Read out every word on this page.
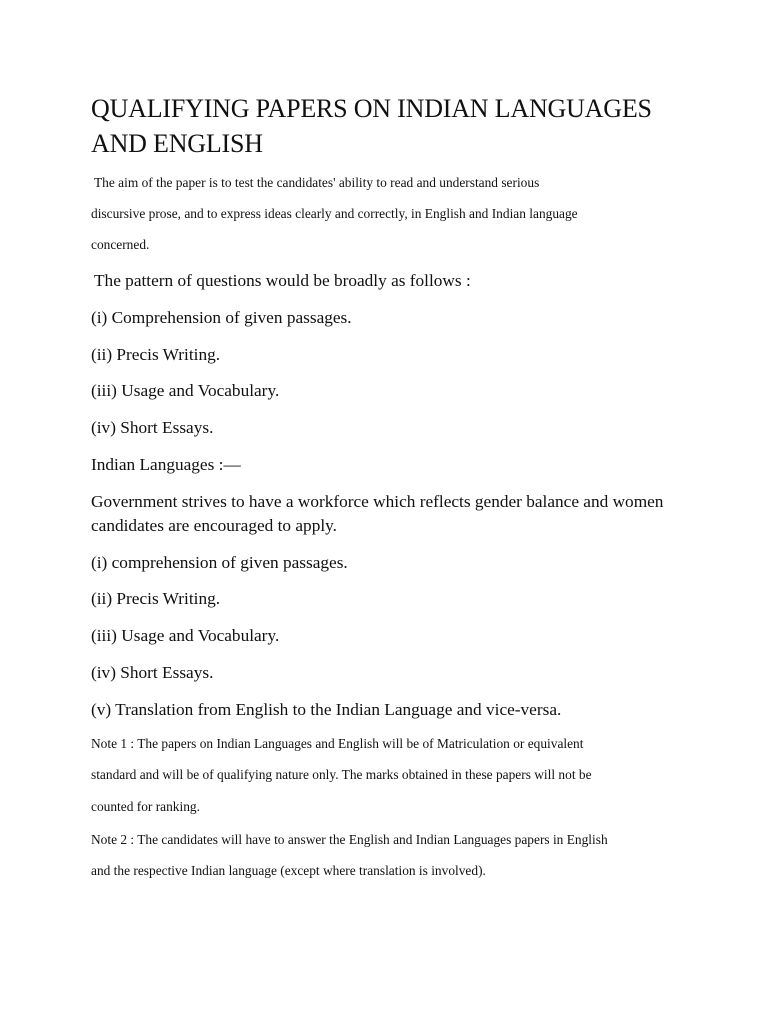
QUALIFYING PAPERS ON INDIAN LANGUAGES

AND ENGLISH

The aim of the paper is to test the candidates' ability to read and understand serious

discursive prose, and to express ideas clearly and correctly, in English and Indian language

concerned.

The pattern of questions would be broadly as follows :

(i) Comprehension of given passages.

(ii) Precis Writing.

(iii) Usage and Vocabulary.

(iv) Short Essays.

Indian Languages :—

Government strives to have a workforce which reflects gender balance and women

candidates are encouraged to apply.

(i) comprehension of given passages.

(ii) Precis Writing.

(iii) Usage and Vocabulary.

(iv) Short Essays.

(v) Translation from English to the Indian Language and vice-versa.

Note 1 : The papers on Indian Languages and English will be of Matriculation or equivalent

standard and will be of qualifying nature only. The marks obtained in these papers will not be

counted for ranking.

Note 2 : The candidates will have to answer the English and Indian Languages papers in English

and the respective Indian language (except where translation is involved).
